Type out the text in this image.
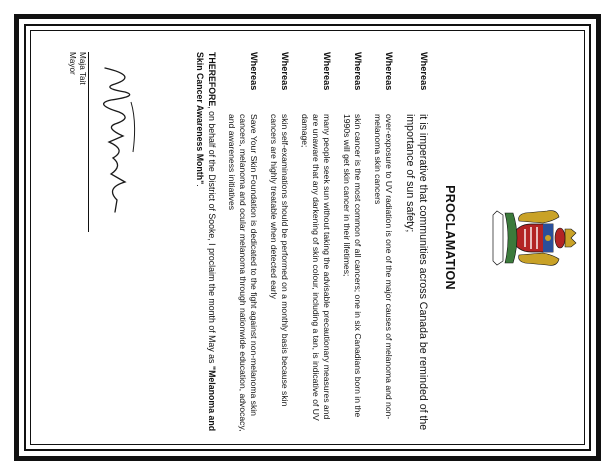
PROCLAMATION
Whereas
it is imperative that communities across Canada be reminded of the importance of sun safety;
Whereas
over-exposure to UV radiation is one of the major causes of melanoma and non-melanoma skin cancers
Whereas
skin cancer is the most common of all cancers; one in six Canadians born in the 1990s will get skin cancer in their lifetimes;
Whereas
many people seek sun without taking the advisable precautionary measures and are unaware that any darkening of skin colour, including a tan, is indicative of UV damage;
Whereas
skin self-examinations should be performed on a monthly basis because skin cancers are highly treatable when detected early
Whereas
Save Your Skin Foundation is dedicated to the fight against non-melanoma skin cancers, melanoma and ocular melanoma through nationwide education, advocacy, and awareness initiatives
THEREFORE, on behalf of the District of Sooke, I proclaim the month of May as "Melanoma and Skin Cancer Awareness Month".
Maja Tait
Mayor
